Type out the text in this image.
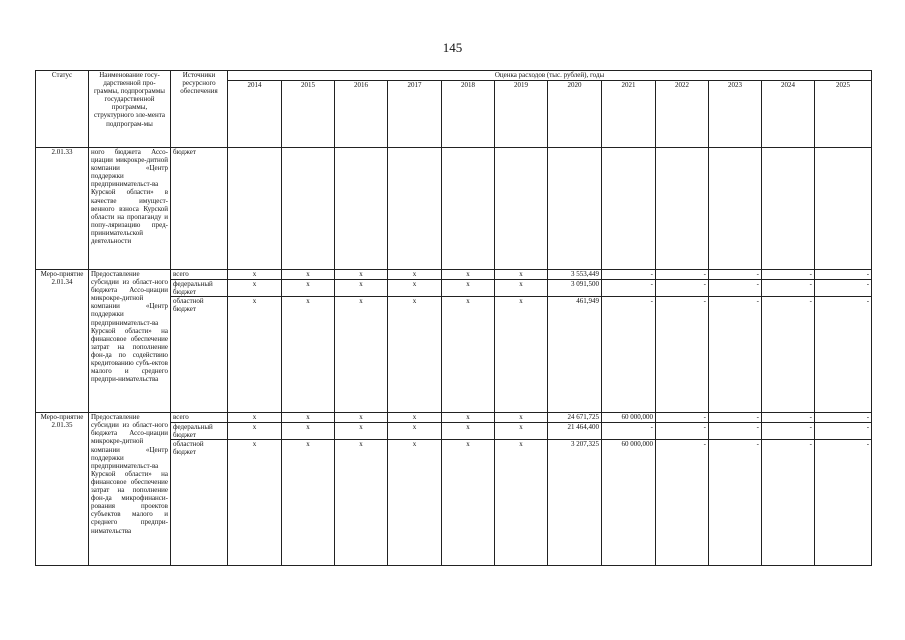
145
Статус	Наименование госу-дарственной про-граммы, подпрограммы государственной программы, структурного эле-мента подпрограм-мы	Источники ресурсного обеспечения	Оценка расходов (тыс. рублей), годы											
			2014	2015	2016	2017	2018	2019	2020	2021	2022	2023	2024	2025
2.01.33	ного бюджета Ассо-циации микрокре-дитной компании «Центр поддержки предпринимательст-ва Курской области» в качестве имущест-венного взноса Курской области на пропаганду и попу-ляризацию пред-принимательской деятельности	бюджет												
Меро-приятие 2.01.34	Предоставление субсидии из област-ного бюджета Ассо-циации микрокре-дитной компании «Центр поддержки предпринимательст-ва Курской области» на финансовое обеспечение затрат на пополнение фон-да по содействию кредитованию субъ-ектов малого и среднего предпри-нимательства	всего	x	x	x	x	x	x	3 553,449	-	-	-	-	-
		федеральный бюджет	x	x	x	x	x	x	3 091,500	-	-	-	-	-
		областной бюджет	x	x	x	x	x	x	461,949	-	-	-	-	-
Меро-приятие 2.01.35	Предоставление субсидии из област-ного бюджета Ассо-циации микрокре-дитной компании «Центр поддержки предпринимательст-ва Курской области» на финансовое обеспечение затрат на пополнение фон-да микрофинанси-рования проектов субъектов малого и среднего предпри-нимательства	всего	x	x	x	x	x	x	24 671,725	60 000,000	-	-	-	-
		федеральный бюджет	x	x	x	x	x	x	21 464,400	-	-	-	-	-
		областной бюджет	x	x	x	x	x	x	3 207,325	60 000,000	-	-	-	-
